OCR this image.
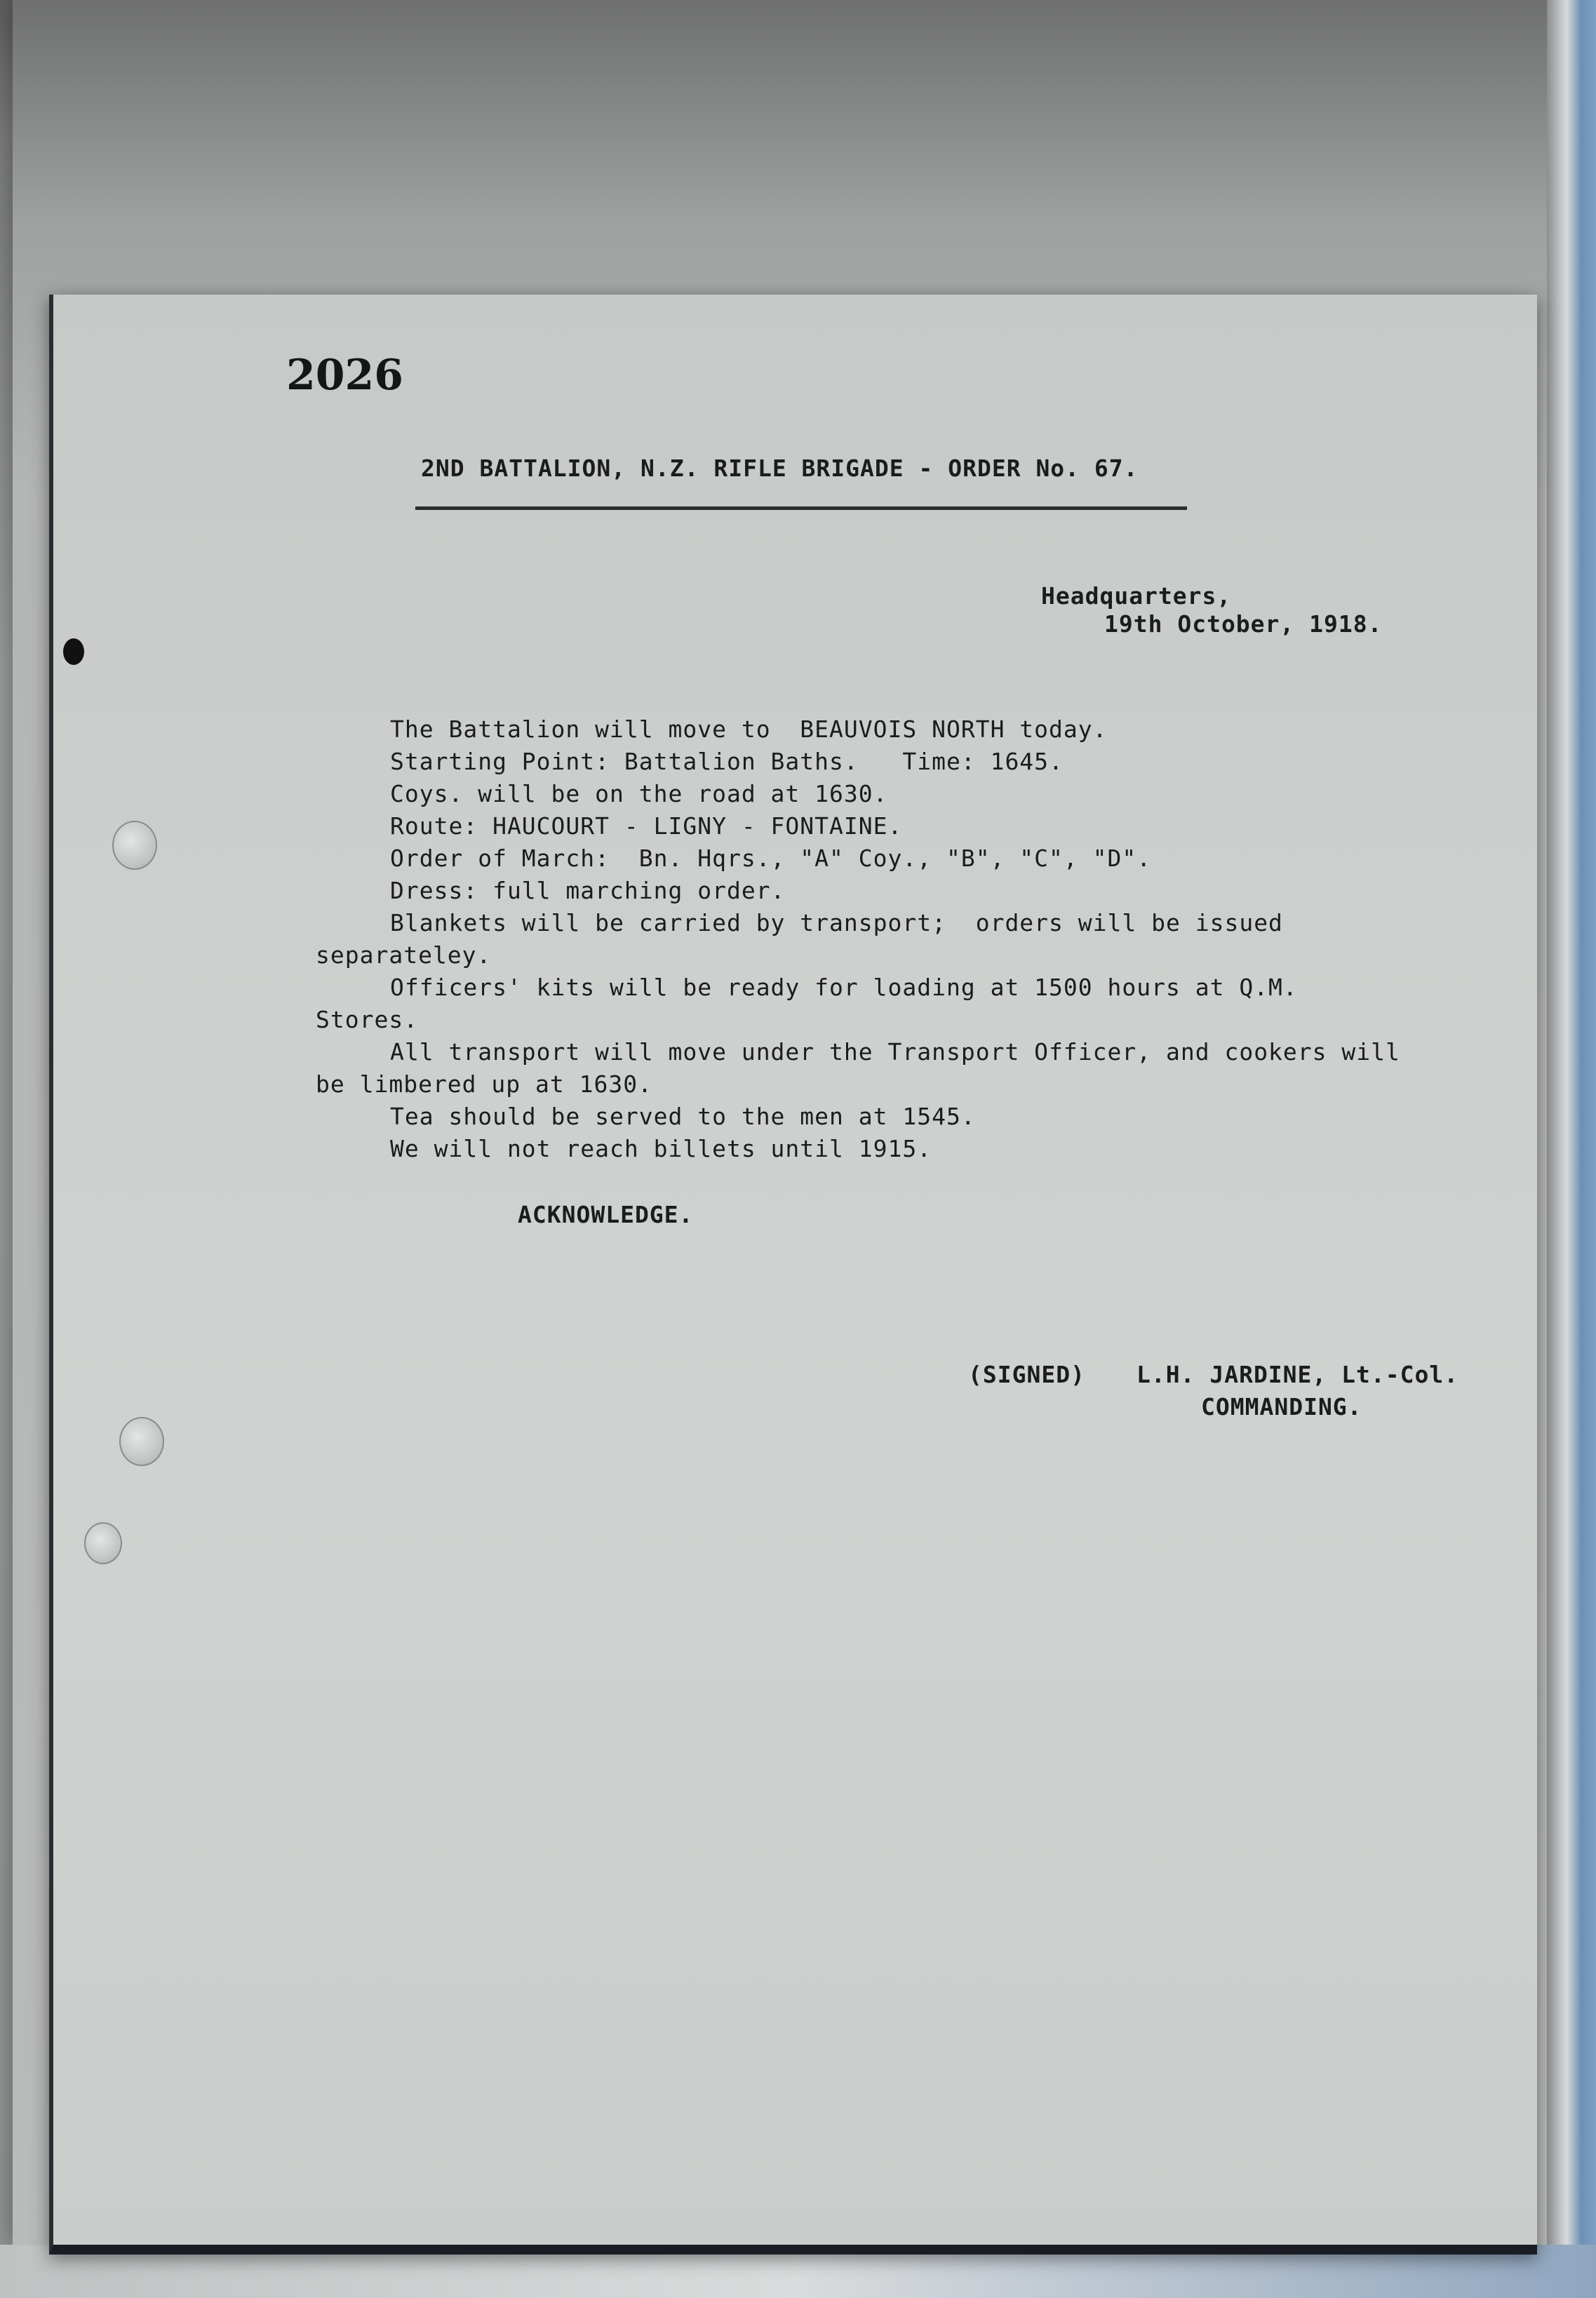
2026
2ND BATTALION, N.Z. RIFLE BRIGADE - ORDER No. 67.
Headquarters,
19th October, 1918.
The Battalion will move to  BEAUVOIS NORTH today.
Starting Point: Battalion Baths.   Time: 1645.
Coys. will be on the road at 1630.
Route: HAUCOURT - LIGNY - FONTAINE.
Order of March:  Bn. Hqrs., "A" Coy., "B", "C", "D".
Dress: full marching order.
Blankets will be carried by transport;  orders will be issued
separateley.
Officers' kits will be ready for loading at 1500 hours at Q.M.
Stores.
All transport will move under the Transport Officer, and cookers will
be limbered up at 1630.
Tea should be served to the men at 1545.
We will not reach billets until 1915.
ACKNOWLEDGE.
(SIGNED) L.H. JARDINE, Lt.-Col.
COMMANDING.
